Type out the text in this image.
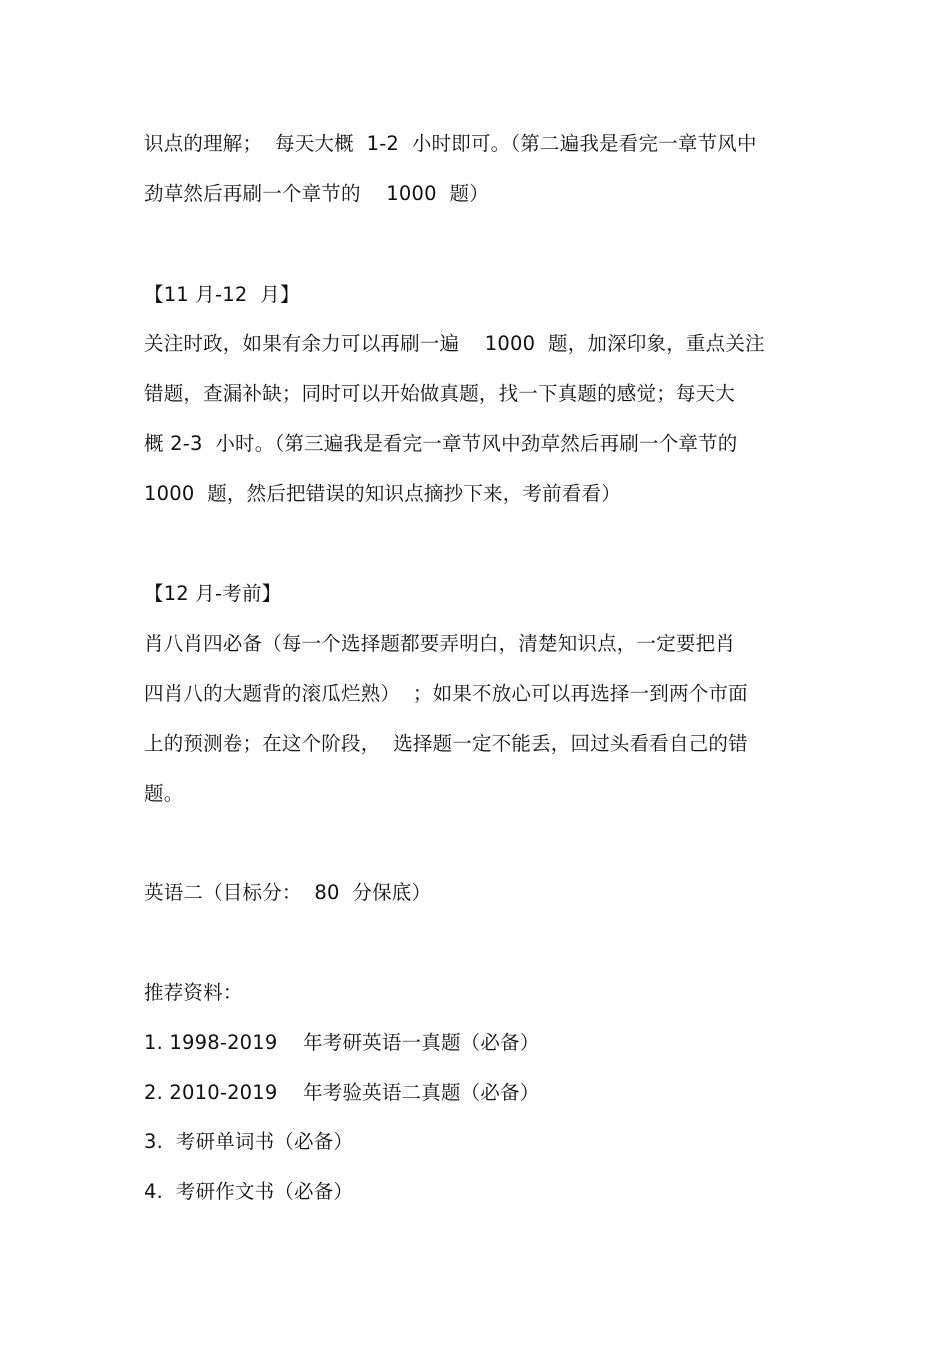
识点的理解；  每天大概  1-2  小时即可。（第二遍我是看完一章节风中
劲草然后再刷一个章节的    1000  题）
【11 月-12  月】
关注时政，如果有余力可以再刷一遍    1000  题，加深印象，重点关注
错题，查漏补缺；同时可以开始做真题，找一下真题的感觉；每天大
概 2-3  小时。（第三遍我是看完一章节风中劲草然后再刷一个章节的
1000  题，然后把错误的知识点摘抄下来，考前看看）
【12 月-考前】
肖八肖四必备（每一个选择题都要弄明白，清楚知识点，一定要把肖
四肖八的大题背的滚瓜烂熟）  ；如果不放心可以再选择一到两个市面
上的预测卷；在这个阶段，  选择题一定不能丢，回过头看看自己的错
题。
英语二（目标分：  80  分保底）
推荐资料：
1. 1998-2019    年考研英语一真题（必备）
2. 2010-2019    年考验英语二真题（必备）
3.  考研单词书（必备）
4.  考研作文书（必备）
